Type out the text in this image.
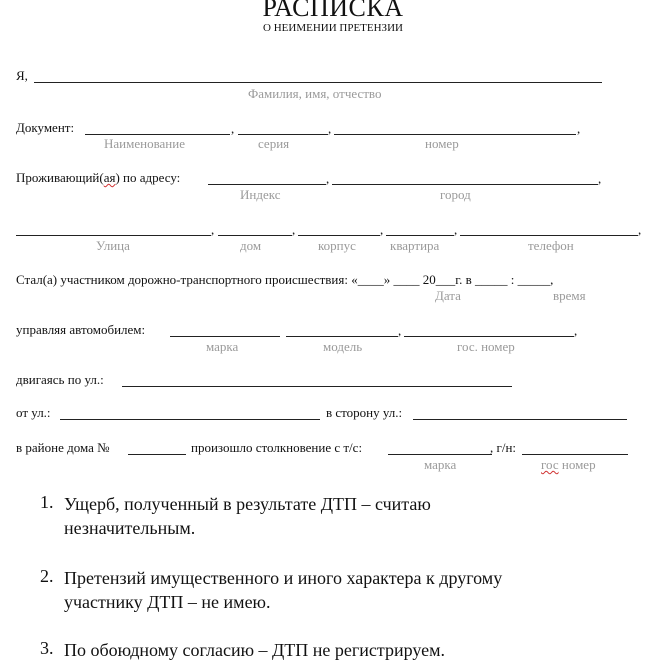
РАСПИСКА
О НЕИМЕНИИ ПРЕТЕНЗИИ
Я,
Фамилия, имя, отчество
Документ:	,	,	,
Наименование	серия	номер
Проживающий(ая) по адресу:	,	,
Индекс	город
,	,	,	,	,
Улица	дом	корпус	квартира	телефон
Стал(а) участником дорожно-транспортного происшествия: «____» ____ 20___г. в _____ : _____,
Дата	время
управляя автомобилем:	,	,
марка	модель	гос. номер
двигаясь по ул.:
от ул.:	в сторону ул.:
в районе дома №	произошло столкновение с т/с:	, г/н:
марка	гос номер
1. Ущерб, полученный в результате ДТП – считаю
незначительным.
2. Претензий имущественного и иного характера к другому
участнику ДТП – не имею.
3. По обоюдному согласию – ДТП не регистрируем.
